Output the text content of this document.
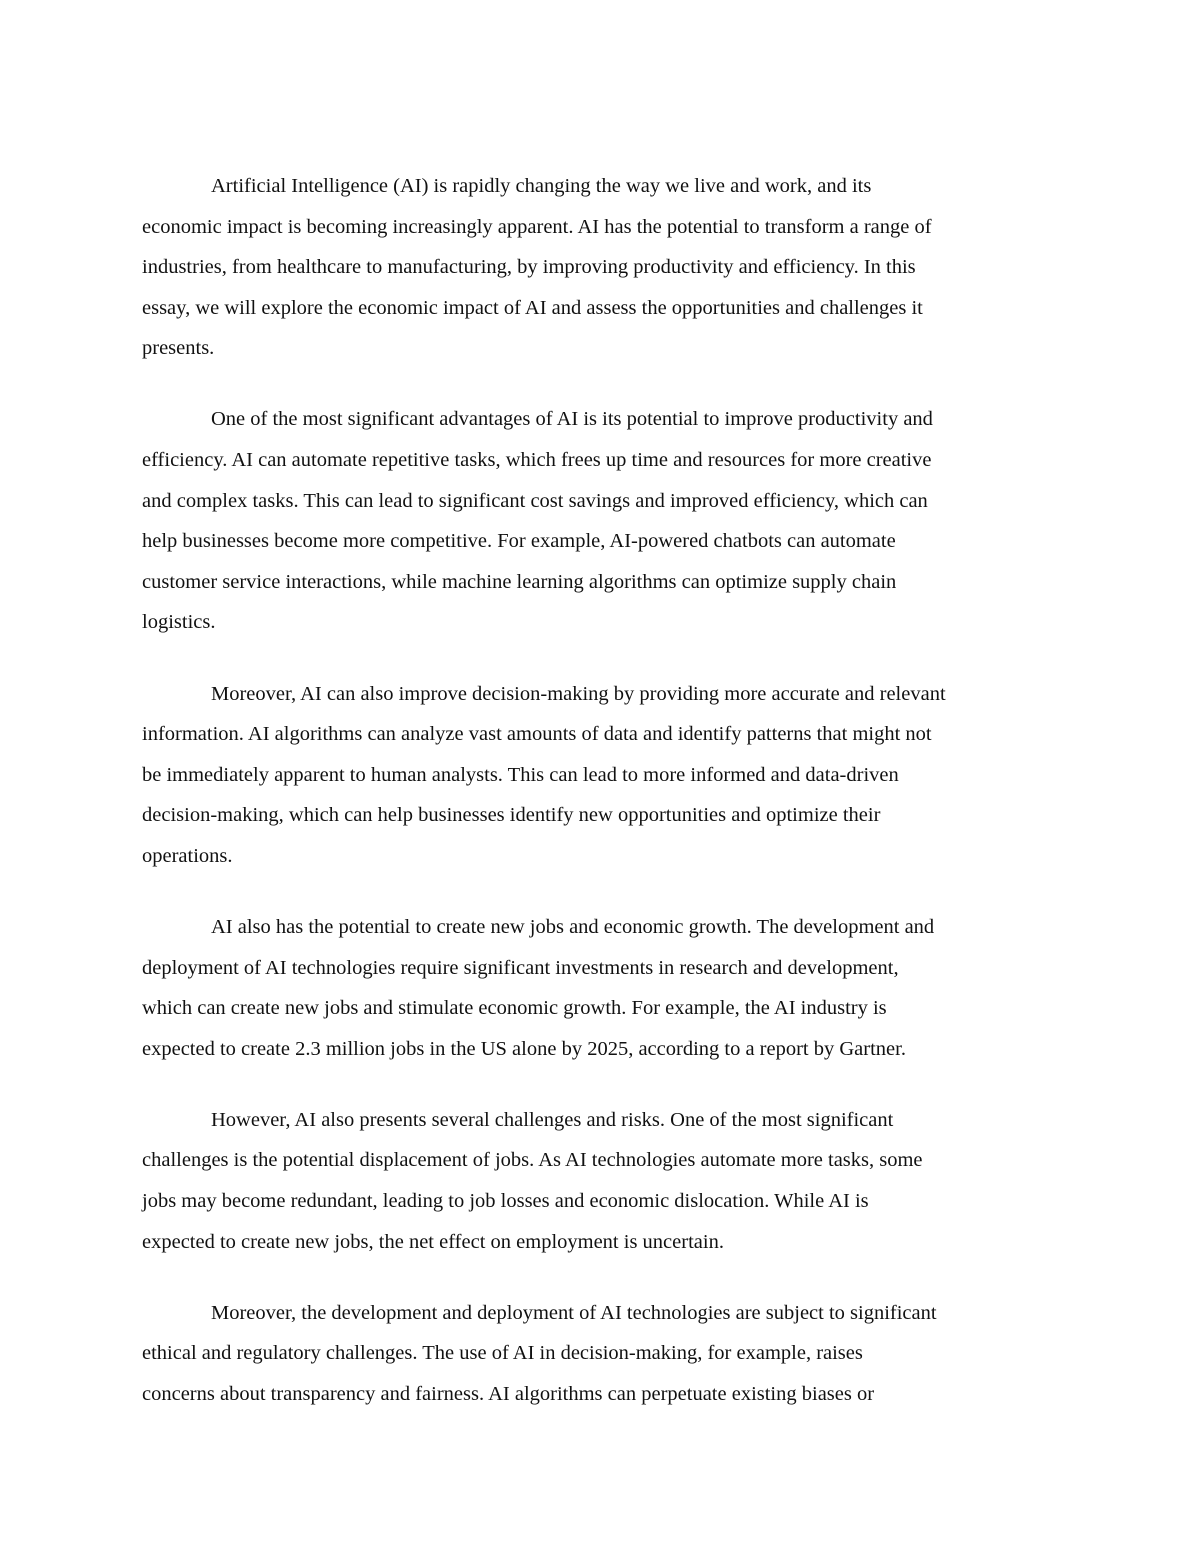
Artificial Intelligence (AI) is rapidly changing the way we live and work, and its
economic impact is becoming increasingly apparent. AI has the potential to transform a range of
industries, from healthcare to manufacturing, by improving productivity and efficiency. In this
essay, we will explore the economic impact of AI and assess the opportunities and challenges it
presents.

One of the most significant advantages of AI is its potential to improve productivity and
efficiency. AI can automate repetitive tasks, which frees up time and resources for more creative
and complex tasks. This can lead to significant cost savings and improved efficiency, which can
help businesses become more competitive. For example, AI-powered chatbots can automate
customer service interactions, while machine learning algorithms can optimize supply chain
logistics.

Moreover, AI can also improve decision-making by providing more accurate and relevant
information. AI algorithms can analyze vast amounts of data and identify patterns that might not
be immediately apparent to human analysts. This can lead to more informed and data-driven
decision-making, which can help businesses identify new opportunities and optimize their
operations.

AI also has the potential to create new jobs and economic growth. The development and
deployment of AI technologies require significant investments in research and development,
which can create new jobs and stimulate economic growth. For example, the AI industry is
expected to create 2.3 million jobs in the US alone by 2025, according to a report by Gartner.

However, AI also presents several challenges and risks. One of the most significant
challenges is the potential displacement of jobs. As AI technologies automate more tasks, some
jobs may become redundant, leading to job losses and economic dislocation. While AI is
expected to create new jobs, the net effect on employment is uncertain.

Moreover, the development and deployment of AI technologies are subject to significant
ethical and regulatory challenges. The use of AI in decision-making, for example, raises
concerns about transparency and fairness. AI algorithms can perpetuate existing biases or
